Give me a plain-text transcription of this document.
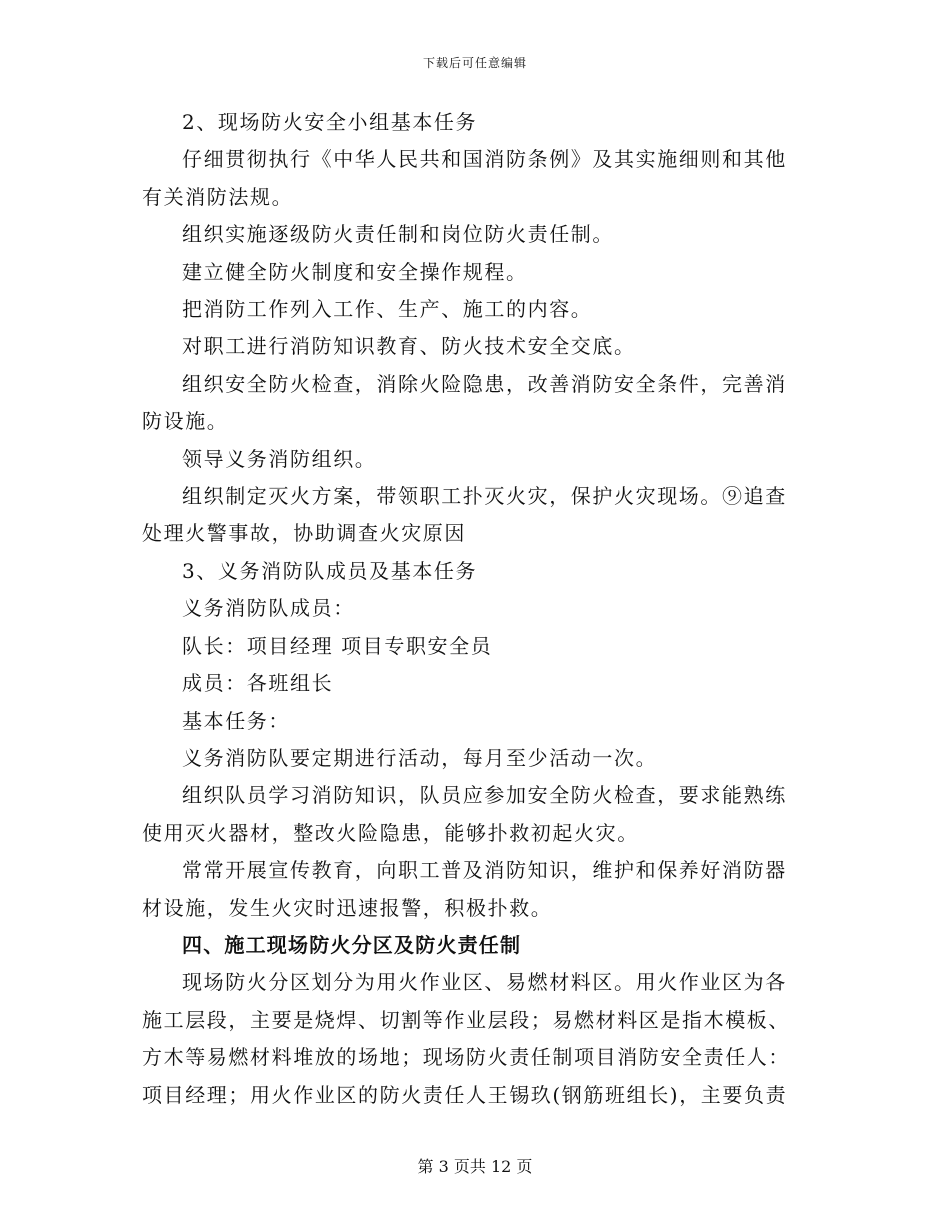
下载后可任意编辑

2、现场防火安全小组基本任务

仔细贯彻执行《中华人民共和国消防条例》及其实施细则和其他有关消防法规。

组织实施逐级防火责任制和岗位防火责任制。

建立健全防火制度和安全操作规程。

把消防工作列入工作、生产、施工的内容。

对职工进行消防知识教育、防火技术安全交底。

组织安全防火检查，消除火险隐患，改善消防安全条件，完善消防设施。

领导义务消防组织。

组织制定灭火方案，带领职工扑灭火灾，保护火灾现场。⑨追查处理火警事故，协助调查火灾原因

3、义务消防队成员及基本任务

义务消防队成员：

队长：项目经理 项目专职安全员

成员：各班组长

基本任务：

义务消防队要定期进行活动，每月至少活动一次。

组织队员学习消防知识，队员应参加安全防火检查，要求能熟练使用灭火器材，整改火险隐患，能够扑救初起火灾。

常常开展宣传教育，向职工普及消防知识，维护和保养好消防器材设施，发生火灾时迅速报警，积极扑救。

四、施工现场防火分区及防火责任制

现场防火分区划分为用火作业区、易燃材料区。用火作业区为各施工层段，主要是烧焊、切割等作业层段；易燃材料区是指木模板、方木等易燃材料堆放的场地；现场防火责任制项目消防安全责任人：项目经理；用火作业区的防火责任人王锡玖(钢筋班组长)，主要负责

第 3 页共 12 页
